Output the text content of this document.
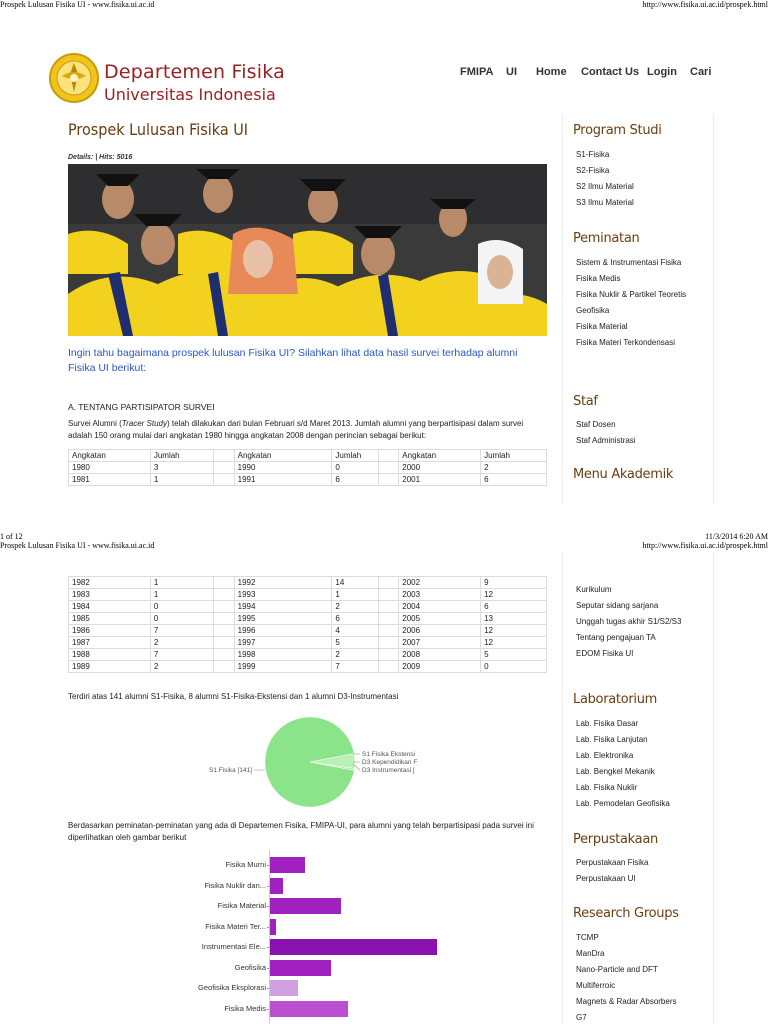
Prospek Lulusan Fisika UI - www.fisika.ui.ac.id	http://www.fisika.ui.ac.id/prospek.html
1 of 12	11/3/2014 6:20 AM
Prospek Lulusan Fisika UI - www.fisika.ui.ac.id	http://www.fisika.ui.ac.id/prospek.html
Departemen Fisika
Universitas Indonesia
FMIPA UI Home Contact Us Login Cari
Prospek Lulusan Fisika UI
Details: | Hits: 5016
Ingin tahu bagaimana prospek lulusan Fisika UI? Silahkan lihat data hasil survei terhadap alumni Fisika UI berikut:
A. TENTANG PARTISIPATOR SURVEI
Survei Alumni (Tracer Study) telah dilakukan dari bulan Februari s/d Maret 2013. Jumlah alumni yang berpartisipasi dalam survei adalah 150 orang mulai dari angkatan 1980 hingga angkatan 2008 dengan perincian sebagai berikut:
Angkatan	Jumlah		Angkatan	Jumlah		Angkatan	Jumlah
1980	3		1990	0		2000	2
1981	1		1991	6		2001	6
1982	1		1992	14		2002	9
1983	1		1993	1		2003	12
1984	0		1994	2		2004	6
1985	0		1995	6		2005	13
1986	7		1996	4		2006	12
1987	2		1997	5		2007	12
1988	7		1998	2		2008	5
1989	2		1999	7		2009	0
Terdiri atas 141 alumni S1-Fisika, 8 alumni S1-Fisika-Ekstensi dan 1 alumni D3-Instrumentasi
S1 Fisika [141]
S1 Fisika Ekstensi
D3 Kependidikan F
D3 Instrumentasi [
Berdasarkan peminatan-peminatan yang ada di Departemen Fisika, FMIPA-UI, para alumni yang telah berpartisipasi pada survei ini diperlihatkan oleh gambar berikut
Fisika Murni
Fisika Nuklir dan...
Fisika Material
Fisika Materi Ter...
Instrumentasi Ele...
Geofisika
Geofisika Eksplorasi
Fisika Medis
Program Studi
S1-Fisika
S2-Fisika
S2 Ilmu Material
S3 Ilmu Material
Peminatan
Sistem & Instrumentasi Fisika
Fisika Medis
Fisika Nuklir & Partikel Teoretis
Geofisika
Fisika Material
Fisika Materi Terkondensasi
Staf
Staf Dosen
Staf Administrasi
Menu Akademik
Kurikulum
Seputar sidang sarjana
Unggah tugas akhir S1/S2/S3
Tentang pengajuan TA
EDOM Fisika UI
Laboratorium
Lab. Fisika Dasar
Lab. Fisika Lanjutan
Lab. Elektronika
Lab. Bengkel Mekanik
Lab. Fisika Nuklir
Lab. Pemodelan Geofisika
Perpustakaan
Perpustakaan Fisika
Perpustakaan UI
Research Groups
TCMP
ManDra
Nano-Particle and DFT
Multiferroic
Magnets & Radar Absorbers
G7
